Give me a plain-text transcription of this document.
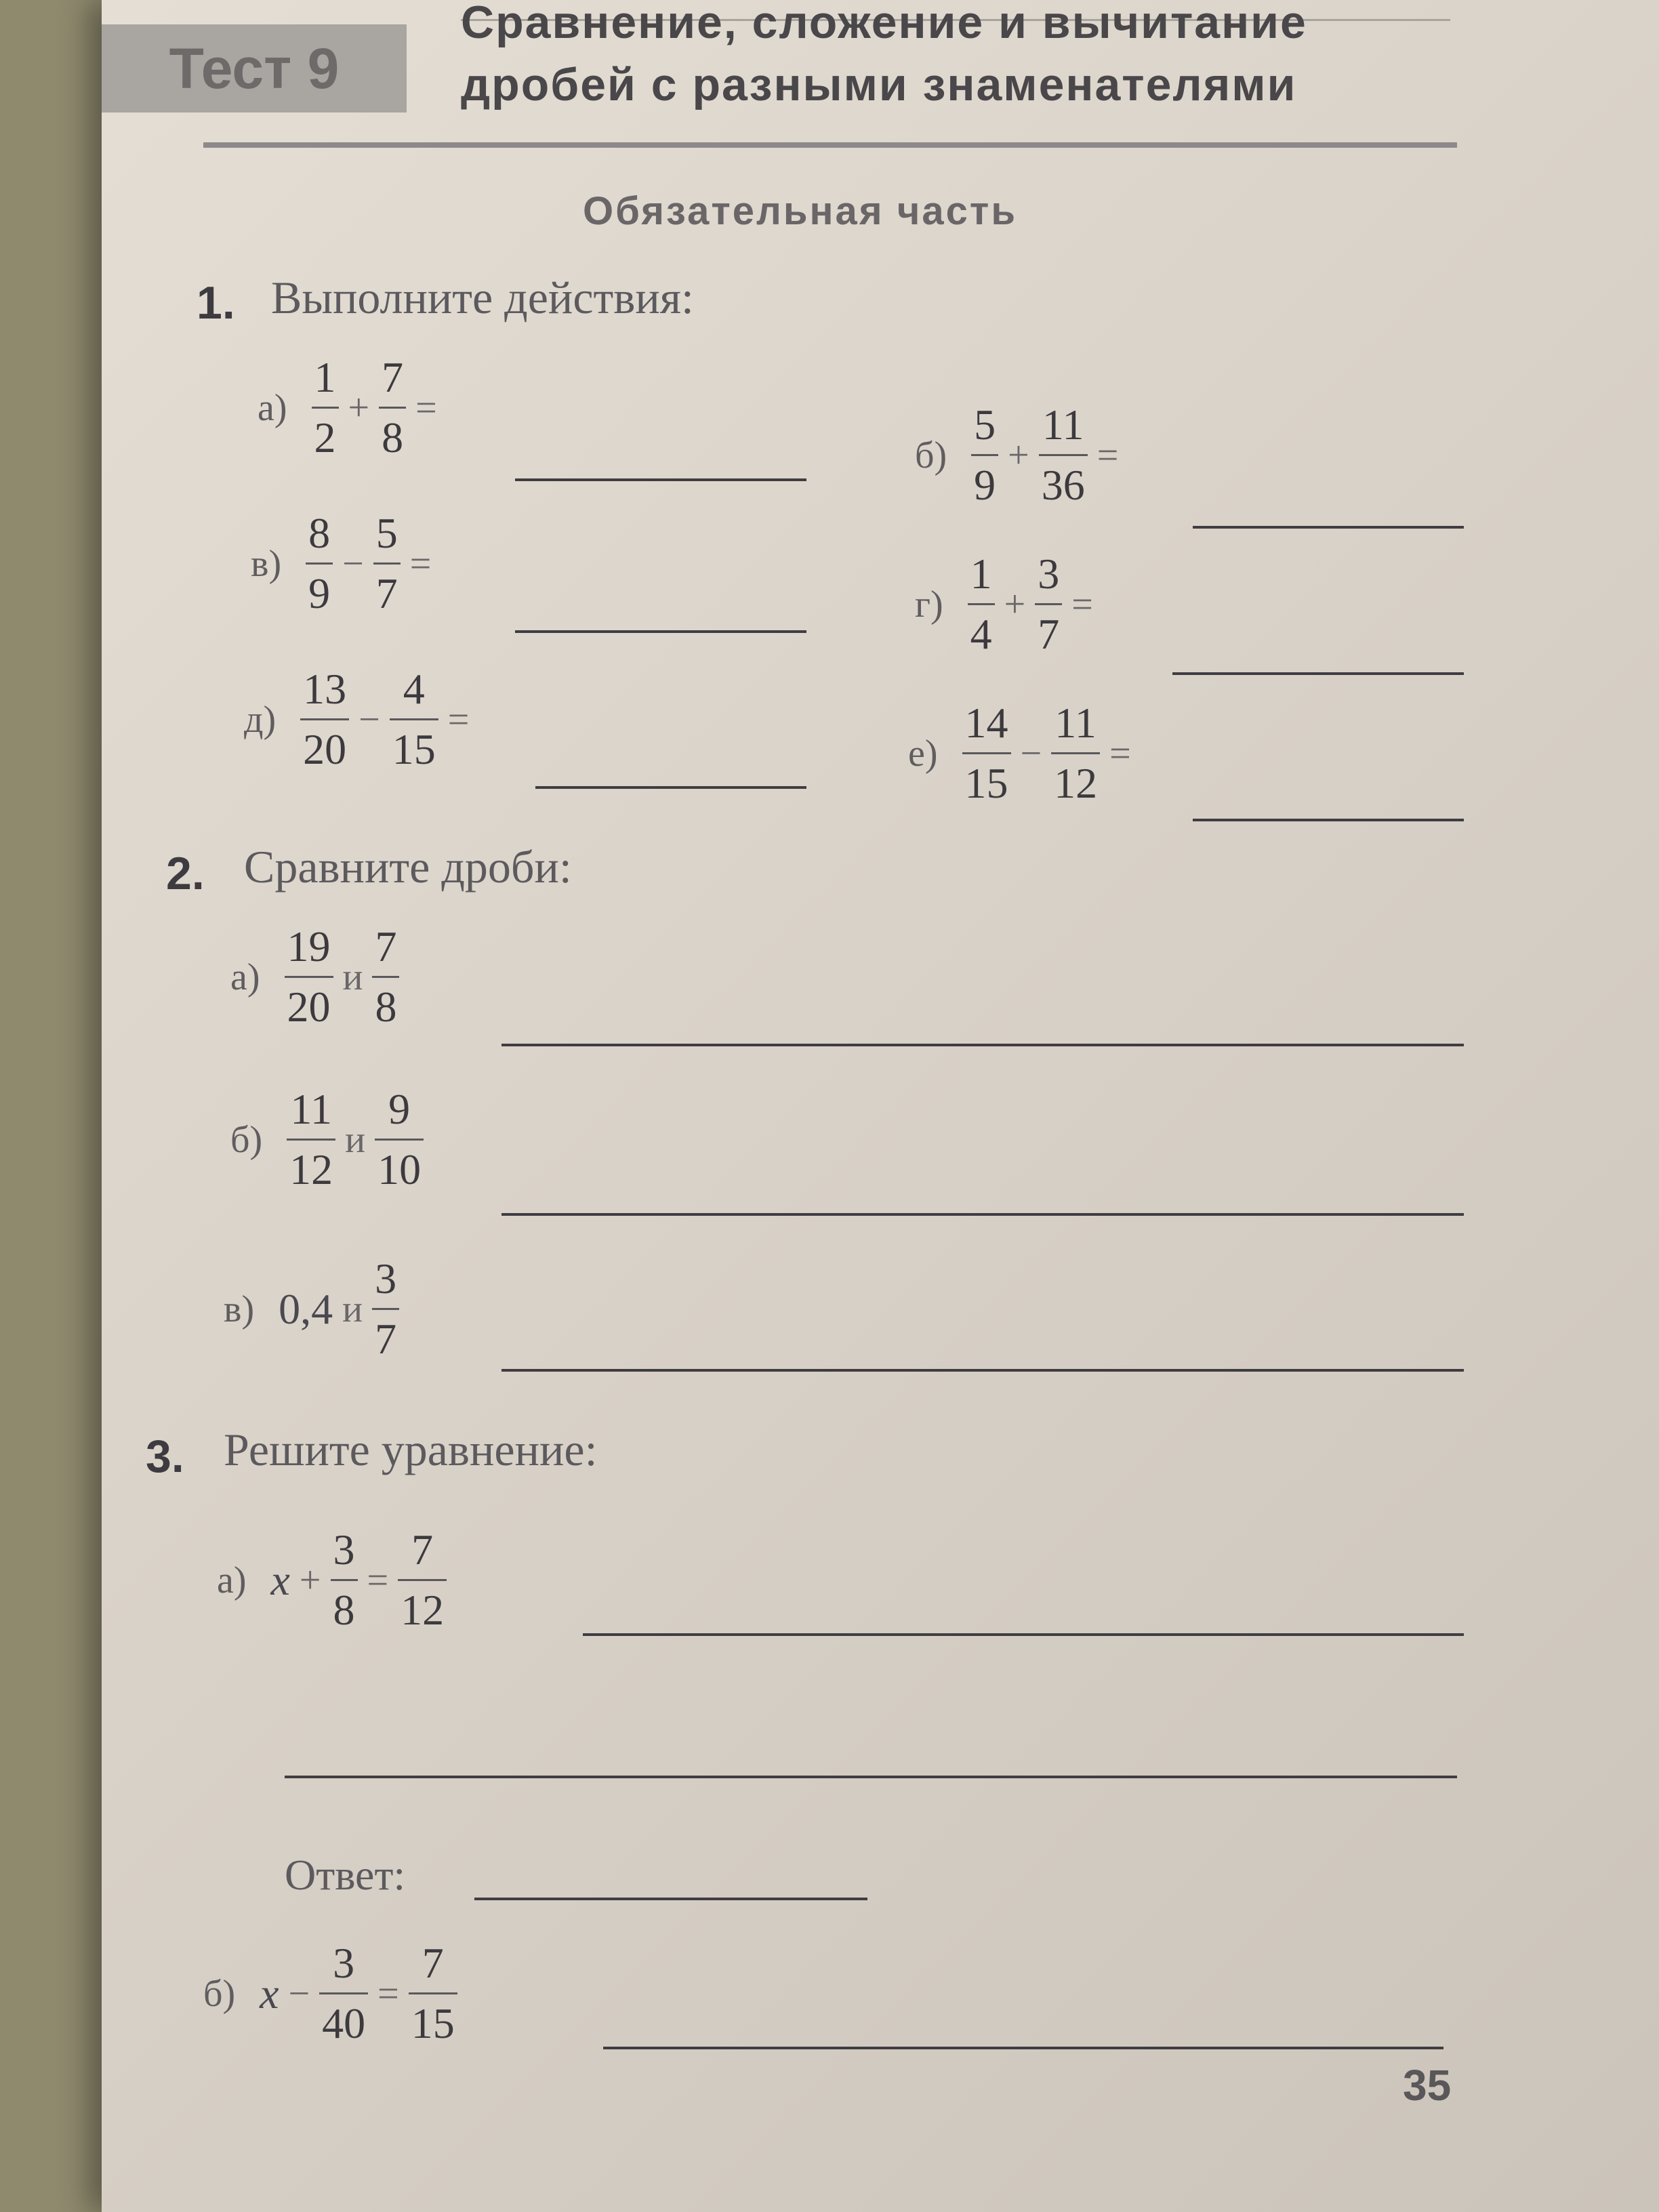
Тест 9
Сравнение, сложение и вычитание
дробей с разными знаменателями
Обязательная часть
1. Выполните действия:
$а) \frac{1}{2} + \frac{7}{8}$ =
$б) \frac{5}{9} + \frac{11}{36}$ =
$в) \frac{8}{9} - \frac{5}{7}$ =
$г) \frac{1}{4} + \frac{3}{7}$ =
$д) \frac{13}{20} - \frac{4}{15}$ =
$е) \frac{14}{15} - \frac{11}{12}$ =
2. Сравните дроби:
$а) \frac{19}{20}$ и $\frac{7}{8}$
$б) \frac{11}{12}$ и $\frac{9}{10}$
в) 0,4 и $\frac{3}{7}$
3. Решите уравнение:
а) $x + \frac{3}{8} = \frac{7}{12}$
Ответ:
б) $x - \frac{3}{40} = \frac{7}{15}$
35
